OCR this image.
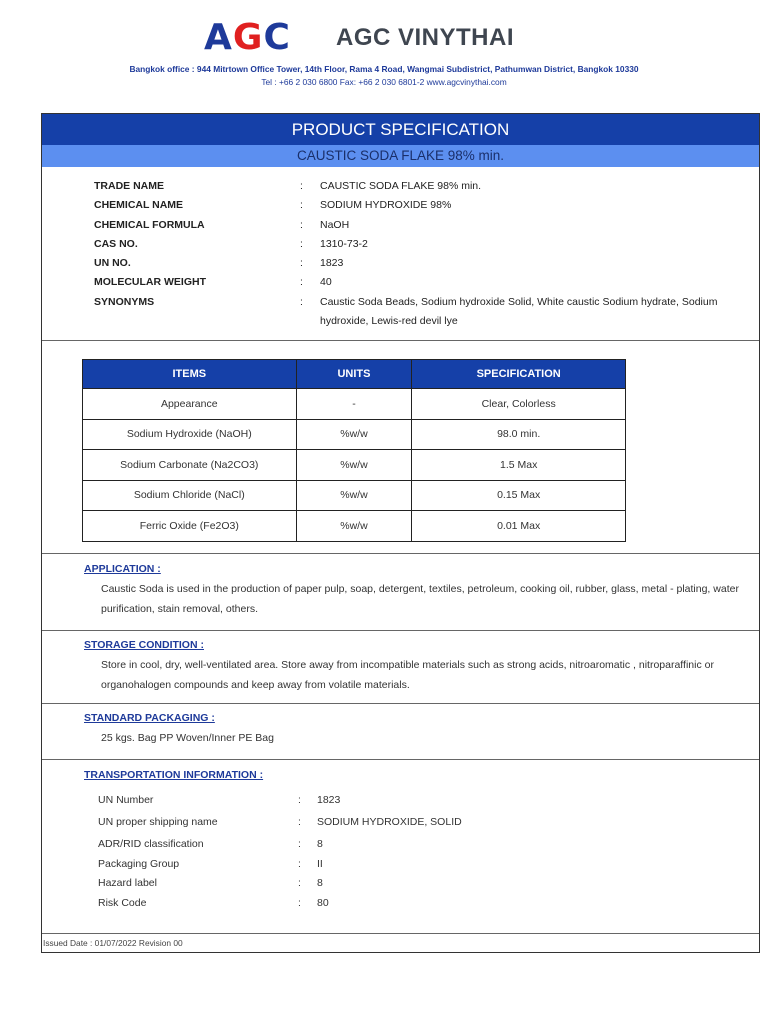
AGC AGC VINYTHAI
Bangkok office : 944 Mitrtown Office Tower, 14th Floor, Rama 4 Road, Wangmai Subdistrict, Pathumwan District, Bangkok 10330
Tel : +66 2 030 6800 Fax: +66 2 030 6801-2 www.agcvinythai.com
PRODUCT SPECIFICATION
CAUSTIC SODA FLAKE 98% min.
TRADE NAME	: CAUSTIC SODA FLAKE 98% min.
CHEMICAL NAME	: SODIUM HYDROXIDE 98%
CHEMICAL FORMULA	: NaOH
CAS NO.	: 1310-73-2
UN NO.	: 1823
MOLECULAR WEIGHT	: 40
SYNONYMS	: Caustic Soda Beads, Sodium hydroxide Solid, White caustic Sodium hydrate, Sodium hydroxide, Lewis-red devil lye
ITEMS	UNITS	SPECIFICATION
Appearance	-	Clear, Colorless
Sodium Hydroxide (NaOH)	%w/w	98.0 min.
Sodium Carbonate (Na2CO3)	%w/w	1.5 Max
Sodium Chloride (NaCl)	%w/w	0.15 Max
Ferric Oxide (Fe2O3)	%w/w	0.01 Max
APPLICATION :
Caustic Soda is used in the production of paper pulp, soap, detergent, textiles, petroleum, cooking oil, rubber, glass, metal - plating, water purification, stain removal, others.
STORAGE CONDITION :
Store in cool, dry, well-ventilated area. Store away from incompatible materials such as strong acids, nitroaromatic , nitroparaffinic or organohalogen compounds and keep away from volatile materials.
STANDARD PACKAGING :
25 kgs. Bag PP Woven/Inner PE Bag
TRANSPORTATION INFORMATION :
UN Number	: 1823
UN proper shipping name	: SODIUM HYDROXIDE, SOLID
ADR/RID classification	: 8
Packaging Group	: II
Hazard label	: 8
Risk Code	: 80
Issued Date : 01/07/2022 Revision 00
